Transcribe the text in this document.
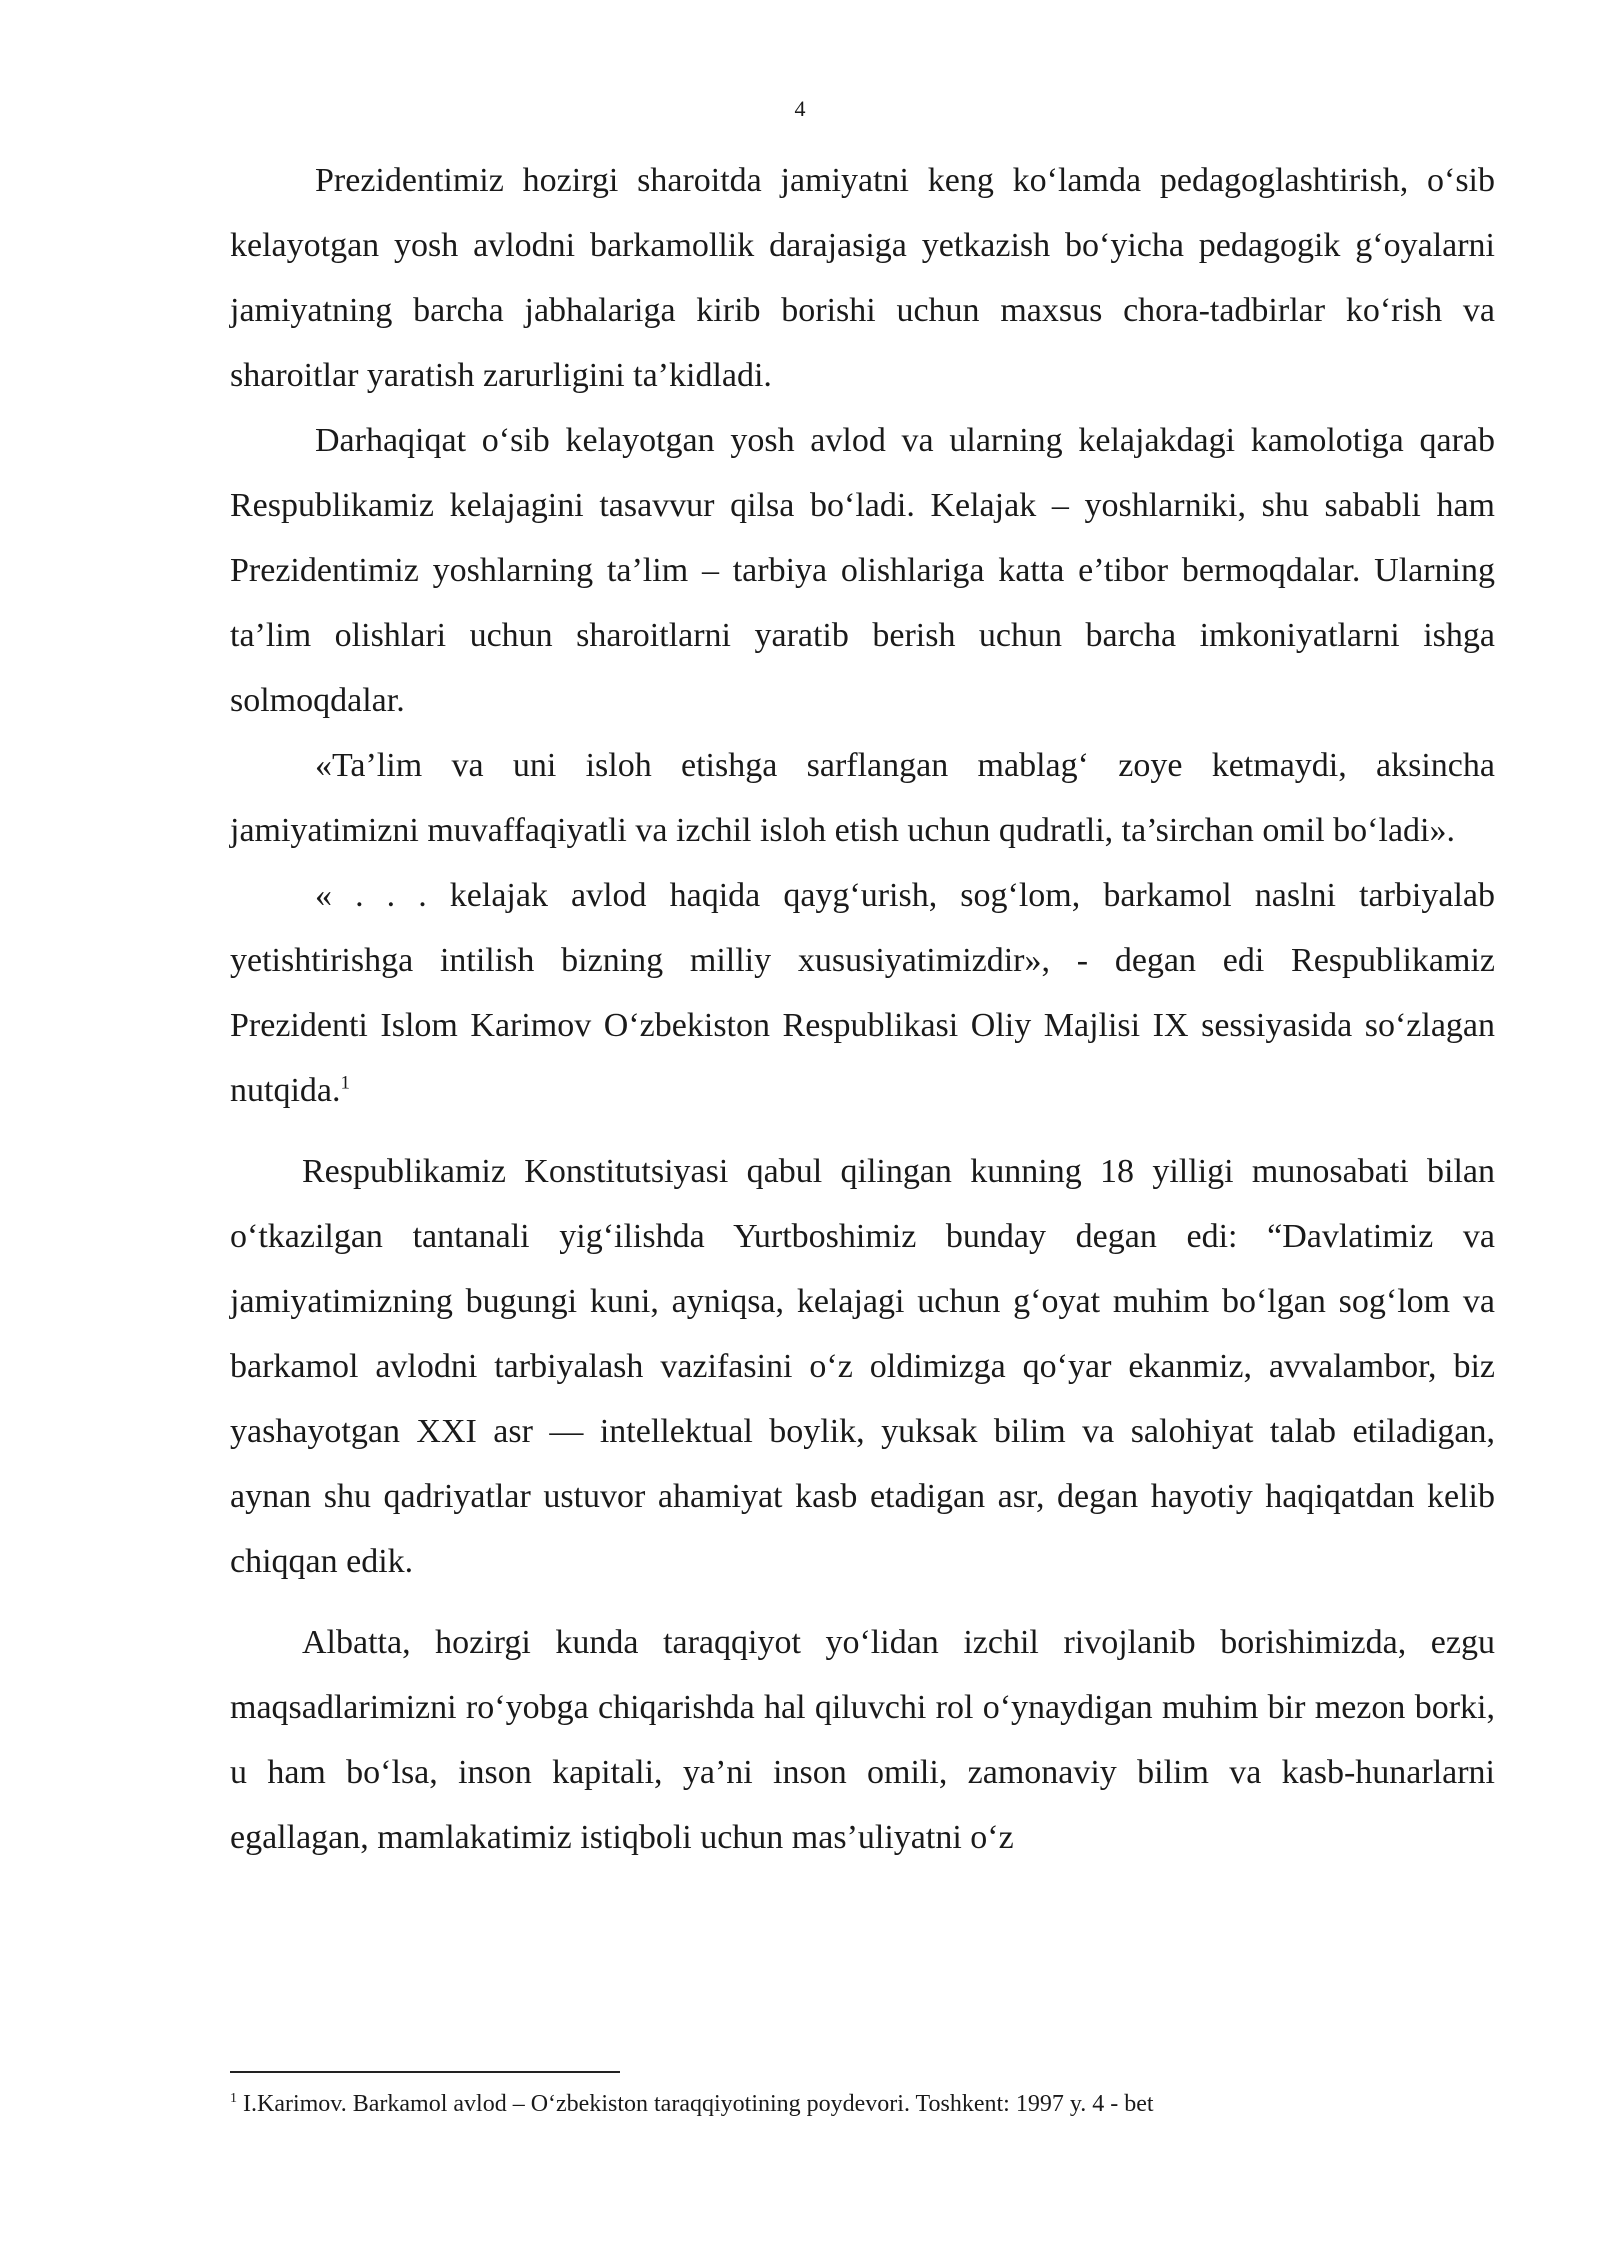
4

Prezidentimiz hozirgi sharoitda jamiyatni keng ko‘lamda pedagoglashtirish, o‘sib kelayotgan yosh avlodni barkamollik darajasiga yetkazish bo‘yicha pedagogik g‘oyalarni jamiyatning barcha jabhalariga kirib borishi uchun maxsus chora-tadbirlar ko‘rish va sharoitlar yaratish zarurligini ta’kidladi.

Darhaqiqat o‘sib kelayotgan yosh avlod va ularning kelajakdagi kamolotiga qarab Respublikamiz kelajagini tasavvur qilsa bo‘ladi. Kelajak – yoshlarniki, shu sababli ham Prezidentimiz yoshlarning ta’lim – tarbiya olishlariga katta e’tibor bermoqdalar. Ularning ta’lim olishlari uchun sharoitlarni yaratib berish uchun barcha imkoniyatlarni ishga solmoqdalar.

«Ta’lim va uni isloh etishga sarflangan mablag‘ zoye ketmaydi, aksincha jamiyatimizni muvaffaqiyatli va izchil isloh etish uchun qudratli, ta’sirchan omil bo‘ladi».

« . . . kelajak avlod haqida qayg‘urish, sog‘lom, barkamol naslni tarbiyalab yetishtirishga intilish bizning milliy xususiyatimizdir», - degan edi Respublikamiz Prezidenti Islom Karimov O‘zbekiston Respublikasi Oliy Majlisi IX sessiyasida so‘zlagan nutqida.$^1$

Respublikamiz Konstitutsiyasi qabul qilingan kunning 18 yilligi munosabati bilan o‘tkazilgan tantanali yig‘ilishda Yurtboshimiz bunday degan edi: “Davlatimiz va jamiyatimizning bugungi kuni, ayniqsa, kelajagi uchun g‘oyat muhim bo‘lgan sog‘lom va barkamol avlodni tarbiyalash vazifasini o‘z oldimizga qo‘yar ekanmiz, avvalambor, biz yashayotgan XXI asr — intellektual boylik, yuksak bilim va salohiyat talab etiladigan, aynan shu qadriyatlar ustuvor ahamiyat kasb etadigan asr, degan hayotiy haqiqatdan kelib chiqqan edik.

Albatta, hozirgi kunda taraqqiyot yo‘lidan izchil rivojlanib borishimizda, ezgu maqsadlarimizni ro‘yobga chiqarishda hal qiluvchi rol o‘ynaydigan muhim bir mezon borki, u ham bo‘lsa, inson kapitali, ya’ni inson omili, zamonaviy bilim va kasb-hunarlarni egallagan, mamlakatimiz istiqboli uchun mas’uliyatni o‘z

$^1$ I.Karimov. Barkamol avlod – O‘zbekiston taraqqiyotining poydevori. Toshkent: 1997 y. 4 - bet
